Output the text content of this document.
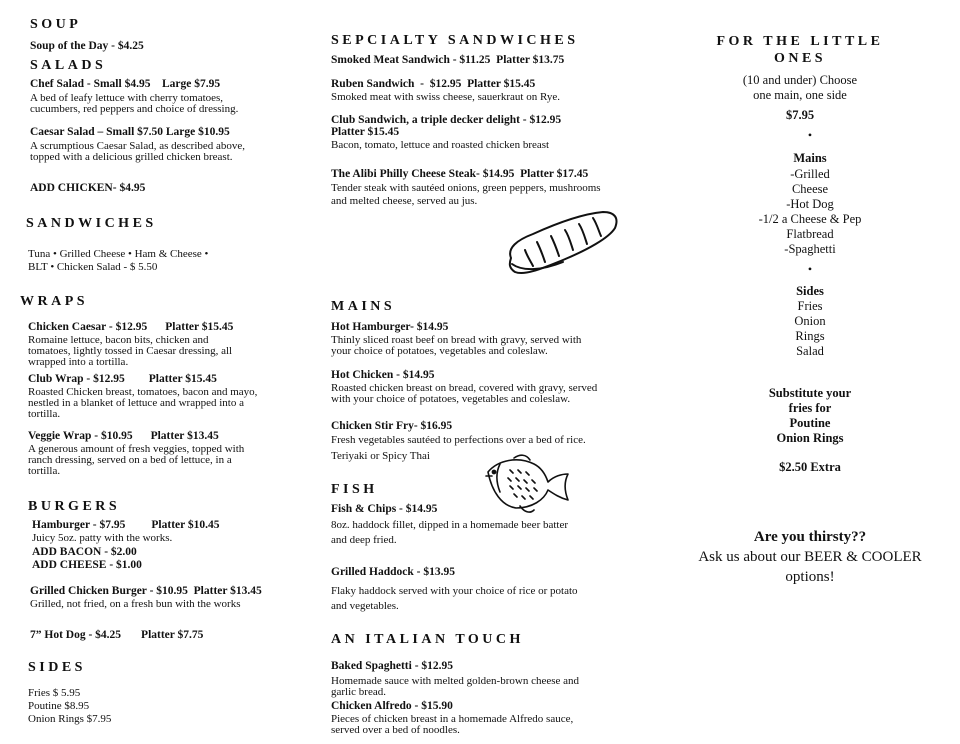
SOUP
Soup of the Day - $4.25
SALADS
Chef Salad - Small $4.95    Large $7.95
A bed of leafy lettuce with cherry tomatoes,
cucumbers, red peppers and choice of dressing.
Caesar Salad – Small $7.50 Large $10.95
A scrumptious Caesar Salad, as described above,
topped with a delicious grilled chicken breast.
ADD CHICKEN- $4.95
SANDWICHES
Tuna • Grilled Cheese • Ham & Cheese •
BLT • Chicken Salad - $ 5.50
WRAPS
Chicken Caesar - $12.95 Platter $15.45
Romaine lettuce, bacon bits, chicken and
tomatoes, lightly tossed in Caesar dressing, all
wrapped into a tortilla.
Club Wrap - $12.95 Platter $15.45
Roasted Chicken breast, tomatoes, bacon and mayo,
nestled in a blanket of lettuce and wrapped into a
tortilla.
Veggie Wrap - $10.95 Platter $13.45
A generous amount of fresh veggies, topped with
ranch dressing, served on a bed of lettuce, in a
tortilla.
BURGERS
Hamburger - $7.95 Platter $10.45
Juicy 5oz. patty with the works.
ADD BACON - $2.00
ADD CHEESE - $1.00
Grilled Chicken Burger - $10.95  Platter $13.45
Grilled, not fried, on a fresh bun with the works
7” Hot Dog - $4.25 Platter $7.75
SIDES
Fries $ 5.95
Poutine $8.95
Onion Rings $7.95
SEPCIALTY SANDWICHES
Smoked Meat Sandwich - $11.25  Platter $13.75
Ruben Sandwich  -  $12.95  Platter $15.45
Smoked meat with swiss cheese, sauerkraut on Rye.
Club Sandwich, a triple decker delight - $12.95
Platter $15.45
Bacon, tomato, lettuce and roasted chicken breast
The Alibi Philly Cheese Steak- $14.95  Platter $17.45
Tender steak with sautéed onions, green peppers, mushrooms
and melted cheese, served au jus.
MAINS
Hot Hamburger- $14.95
Thinly sliced roast beef on bread with gravy, served with
your choice of potatoes, vegetables and coleslaw.
Hot Chicken - $14.95
Roasted chicken breast on bread, covered with gravy, served
with your choice of potatoes, vegetables and coleslaw.
Chicken Stir Fry- $16.95
Fresh vegetables sautéed to perfections over a bed of rice.
Teriyaki or Spicy Thai
FISH
Fish & Chips - $14.95
8oz. haddock fillet, dipped in a homemade beer batter
and deep fried.
Grilled Haddock - $13.95
Flaky haddock served with your choice of rice or potato
and vegetables.
AN ITALIAN TOUCH
Baked Spaghetti - $12.95
Homemade sauce with melted golden-brown cheese and
garlic bread.
Chicken Alfredo - $15.90
Pieces of chicken breast in a homemade Alfredo sauce,
served over a bed of noodles.
FOR THE LITTLE
ONES
(10 and under) Choose
one main, one side
$7.95
•
Mains
-Grilled
Cheese
-Hot Dog
-1/2 a Cheese & Pep
Flatbread
-Spaghetti
•
Sides
Fries
Onion
Rings
Salad
Substitute your
fries for
Poutine
Onion Rings
$2.50 Extra
Are you thirsty??
Ask us about our BEER & COOLER
options!
